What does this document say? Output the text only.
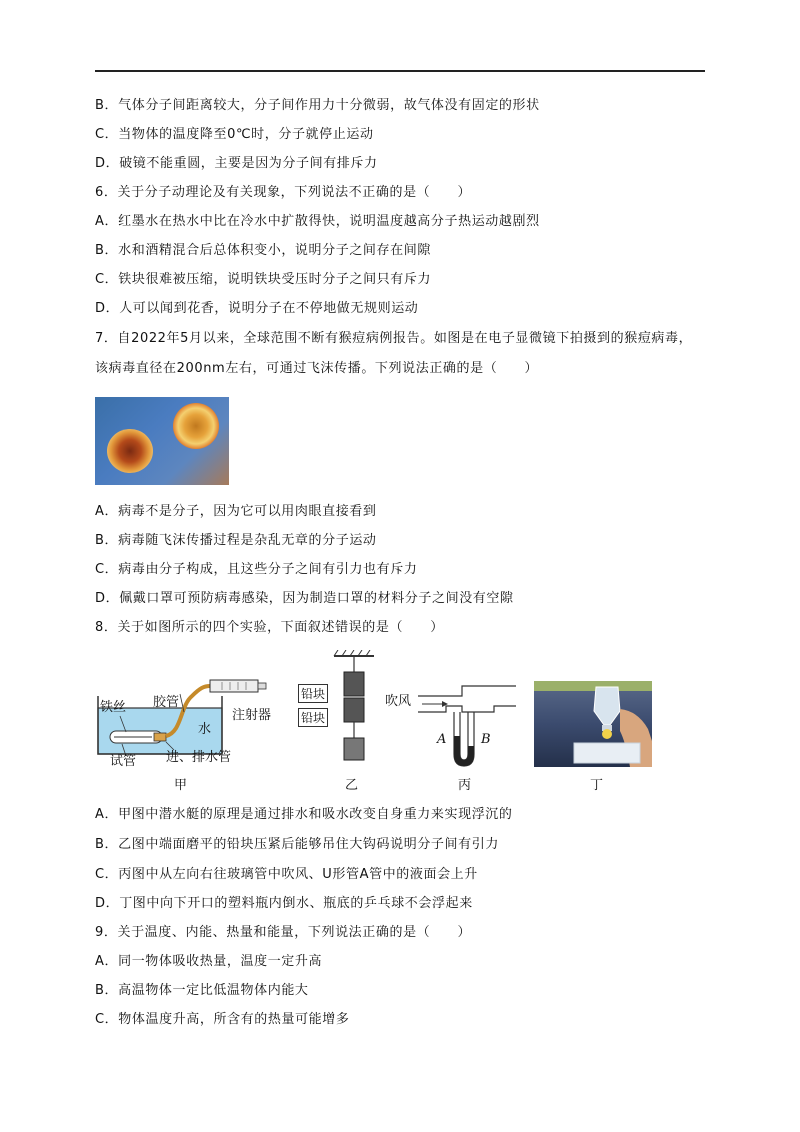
B．气体分子间距离较大，分子间作用力十分微弱，故气体没有固定的形状
C．当物体的温度降至0℃时，分子就停止运动
D．破镜不能重圆，主要是因为分子间有排斥力
6．关于分子动理论及有关现象，下列说法不正确的是（　　）
A．红墨水在热水中比在冷水中扩散得快，说明温度越高分子热运动越剧烈
B．水和酒精混合后总体积变小，说明分子之间存在间隙
C．铁块很难被压缩，说明铁块受压时分子之间只有斥力
D．人可以闻到花香，说明分子在不停地做无规则运动
7．自2022年5月以来，全球范围不断有猴痘病例报告。如图是在电子显微镜下拍摄到的猴痘病毒，
该病毒直径在200nm左右，可通过飞沫传播。下列说法正确的是（　　）
A．病毒不是分子，因为它可以用肉眼直接看到
B．病毒随飞沫传播过程是杂乱无章的分子运动
C．病毒由分子构成，且这些分子之间有引力也有斥力
D．佩戴口罩可预防病毒感染，因为制造口罩的材料分子之间没有空隙
8．关于如图所示的四个实验，下面叙述错误的是（　　）
铁丝 胶管
水
注射器
试管 进、排水管
甲
铅块
铅块
乙
吹风
A	B
丙	丁
A．甲图中潜水艇的原理是通过排水和吸水改变自身重力来实现浮沉的
B．乙图中端面磨平的铅块压紧后能够吊住大钩码说明分子间有引力
C．丙图中从左向右往玻璃管中吹风、U形管A管中的液面会上升
D．丁图中向下开口的塑料瓶内倒水、瓶底的乒乓球不会浮起来
9．关于温度、内能、热量和能量，下列说法正确的是（　　）
A．同一物体吸收热量，温度一定升高
B．高温物体一定比低温物体内能大
C．物体温度升高，所含有的热量可能增多
